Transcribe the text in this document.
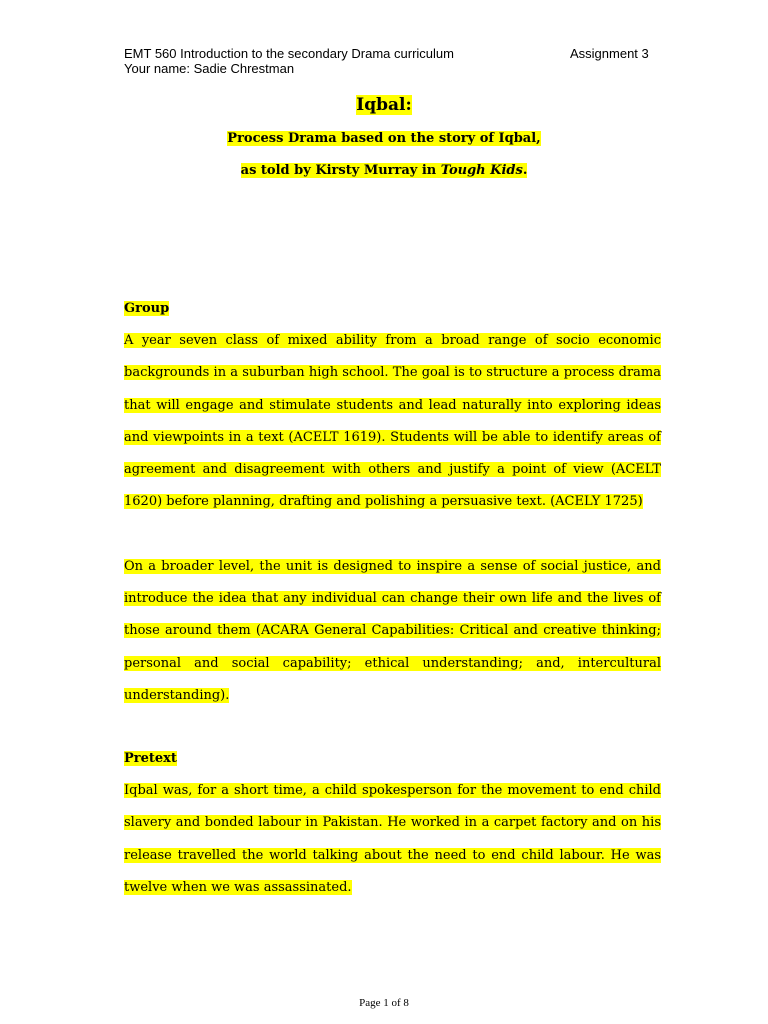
EMT 560 Introduction to the secondary Drama curriculum	Assignment 3
Your name: Sadie Chrestman
Iqbal:
Process Drama based on the story of Iqbal,
as told by Kirsty Murray in Tough Kids.

Group

A year seven class of mixed ability from a broad range of socio economic backgrounds in a suburban high school. The goal is to structure a process drama that will engage and stimulate students and lead naturally into exploring ideas and viewpoints in a text (ACELT 1619). Students will be able to identify areas of agreement and disagreement with others and justify a point of view (ACELT 1620) before planning, drafting and polishing a persuasive text. (ACELY 1725)

On a broader level, the unit is designed to inspire a sense of social justice, and introduce the idea that any individual can change their own life and the lives of those around them (ACARA General Capabilities: Critical and creative thinking; personal and social capability; ethical understanding; and, intercultural understanding).

Pretext

Iqbal was, for a short time, a child spokesperson for the movement to end child slavery and bonded labour in Pakistan. He worked in a carpet factory and on his release travelled the world talking about the need to end child labour. He was twelve when we was assassinated.

Page 1 of 8
